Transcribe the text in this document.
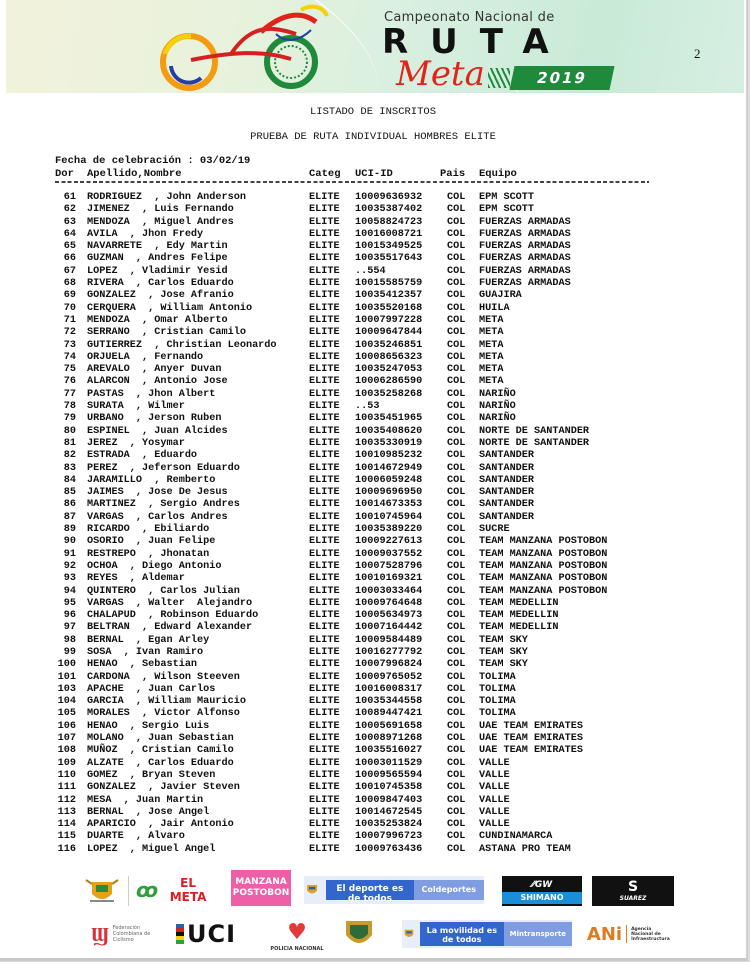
Campeonato Nacional de
RUTA
Meta	2019
2
LISTADO DE INSCRITOS
PRUEBA DE RUTA INDIVIDUAL HOMBRES ELITE
Fecha de celebración : 03/02/19
Dor Apellido,Nombre	Categ UCI-ID	Pais Equipo
61 RODRIGUEZ  , John Anderson	ELITE 10009636932 COL EPM SCOTT
62 JIMENEZ  , Luis Fernando	ELITE 10035387402 COL EPM SCOTT
63 MENDOZA  , Miguel Andres	ELITE 10058824723 COL FUERZAS ARMADAS
64 AVILA  , Jhon Fredy	ELITE 10016008721 COL FUERZAS ARMADAS
65 NAVARRETE  , Edy Martin	ELITE 10015349525 COL FUERZAS ARMADAS
66 GUZMAN  , Andres Felipe	ELITE 10035517643 COL FUERZAS ARMADAS
67 LOPEZ  , Vladimir Yesid	ELITE ..554	COL FUERZAS ARMADAS
68 RIVERA  , Carlos Eduardo	ELITE 10015585759 COL FUERZAS ARMADAS
69 GONZALEZ  , Jose Afranio	ELITE 10035412357 COL GUAJIRA
70 CERQUERA  , William Antonio	ELITE 10035520168 COL HUILA
71 MENDOZA  , Omar Alberto	ELITE 10007997228 COL META
72 SERRANO  , Cristian Camilo	ELITE 10009647844 COL META
73 GUTIERREZ  , Christian Leonardo	ELITE 10035246851 COL META
74 ORJUELA  , Fernando	ELITE 10008656323 COL META
75 AREVALO  , Anyer Duvan	ELITE 10035247053 COL META
76 ALARCON  , Antonio Jose	ELITE 10006286590 COL META
77 PASTAS  , Jhon Albert	ELITE 10035258268 COL NARIÑO
78 SURATA  , Wilmer	ELITE ..53	COL NARIÑO
79 URBANO  , Jerson Ruben	ELITE 10035451965 COL NARIÑO
80 ESPINEL  , Juan Alcides	ELITE 10035408620 COL NORTE DE SANTANDER
81 JEREZ  , Yosymar	ELITE 10035330919 COL NORTE DE SANTANDER
82 ESTRADA  , Eduardo	ELITE 10010985232 COL SANTANDER
83 PEREZ  , Jeferson Eduardo	ELITE 10014672949 COL SANTANDER
84 JARAMILLO  , Remberto	ELITE 10006059248 COL SANTANDER
85 JAIMES  , Jose De Jesus	ELITE 10009696950 COL SANTANDER
86 MARTINEZ  , Sergio Andres	ELITE 10014673353 COL SANTANDER
87 VARGAS  , Carlos Andres	ELITE 10010745964 COL SANTANDER
89 RICARDO  , Ebiliardo	ELITE 10035389220 COL SUCRE
90 OSORIO  , Juan Felipe	ELITE 10009227613 COL TEAM MANZANA POSTOBON
91 RESTREPO  , Jhonatan	ELITE 10009037552 COL TEAM MANZANA POSTOBON
92 OCHOA  , Diego Antonio	ELITE 10007528796 COL TEAM MANZANA POSTOBON
93 REYES  , Aldemar	ELITE 10010169321 COL TEAM MANZANA POSTOBON
94 QUINTERO  , Carlos Julian	ELITE 10003033464 COL TEAM MANZANA POSTOBON
95 VARGAS  , Walter  Alejandro	ELITE 10009764648 COL TEAM MEDELLIN
96 CHALAPUD  , Robinson Eduardo	ELITE 10005634973 COL TEAM MEDELLIN
97 BELTRAN  , Edward Alexander	ELITE 10007164442 COL TEAM MEDELLIN
98 BERNAL  , Egan Arley	ELITE 10009584489 COL TEAM SKY
99 SOSA  , Ivan Ramiro	ELITE 10016277792 COL TEAM SKY
100 HENAO  , Sebastian	ELITE 10007996824 COL TEAM SKY
101 CARDONA  , Wilson Steeven	ELITE 10009765052 COL TOLIMA
103 APACHE  , Juan Carlos	ELITE 10016008317 COL TOLIMA
104 GARCIA  , William Mauricio	ELITE 10035344558 COL TOLIMA
105 MORALES  , Victor Alfonso	ELITE 10089447421 COL TOLIMA
106 HENAO  , Sergio Luis	ELITE 10005691658 COL UAE TEAM EMIRATES
107 MOLANO  , Juan Sebastian	ELITE 10008971268 COL UAE TEAM EMIRATES
108 MUÑOZ  , Cristian Camilo	ELITE 10035516027 COL UAE TEAM EMIRATES
109 ALZATE  , Carlos Eduardo	ELITE 10003011529 COL VALLE
110 GOMEZ  , Bryan Steven	ELITE 10009565594 COL VALLE
111 GONZALEZ  , Javier Steven	ELITE 10010745358 COL VALLE
112 MESA  , Juan Martin	ELITE 10009847403 COL VALLE
113 BERNAL  , Jose Angel	ELITE 10014672545 COL VALLE
114 APARICIO  , Jair Antonio	ELITE 10035253824 COL VALLE
115 DUARTE  , Alvaro	ELITE 10007996723 COL CUNDINAMARCA
116 LOPEZ  , Miguel Angel	ELITE 10009763436 COL ASTANA PRO TEAM
ꝏ	EL META
MANZANA POSTOBON	El deporte es de todos
Coldeportes	⁄⁄GW
SHIMANO
S
SUAREZ
Ϣ Federación Colombiana de Ciclismo	UCI ♥
POLICIA NACIONAL
La movilidad es de todos
Mintransporte	ANi Agencia Nacional de Infraestructura
